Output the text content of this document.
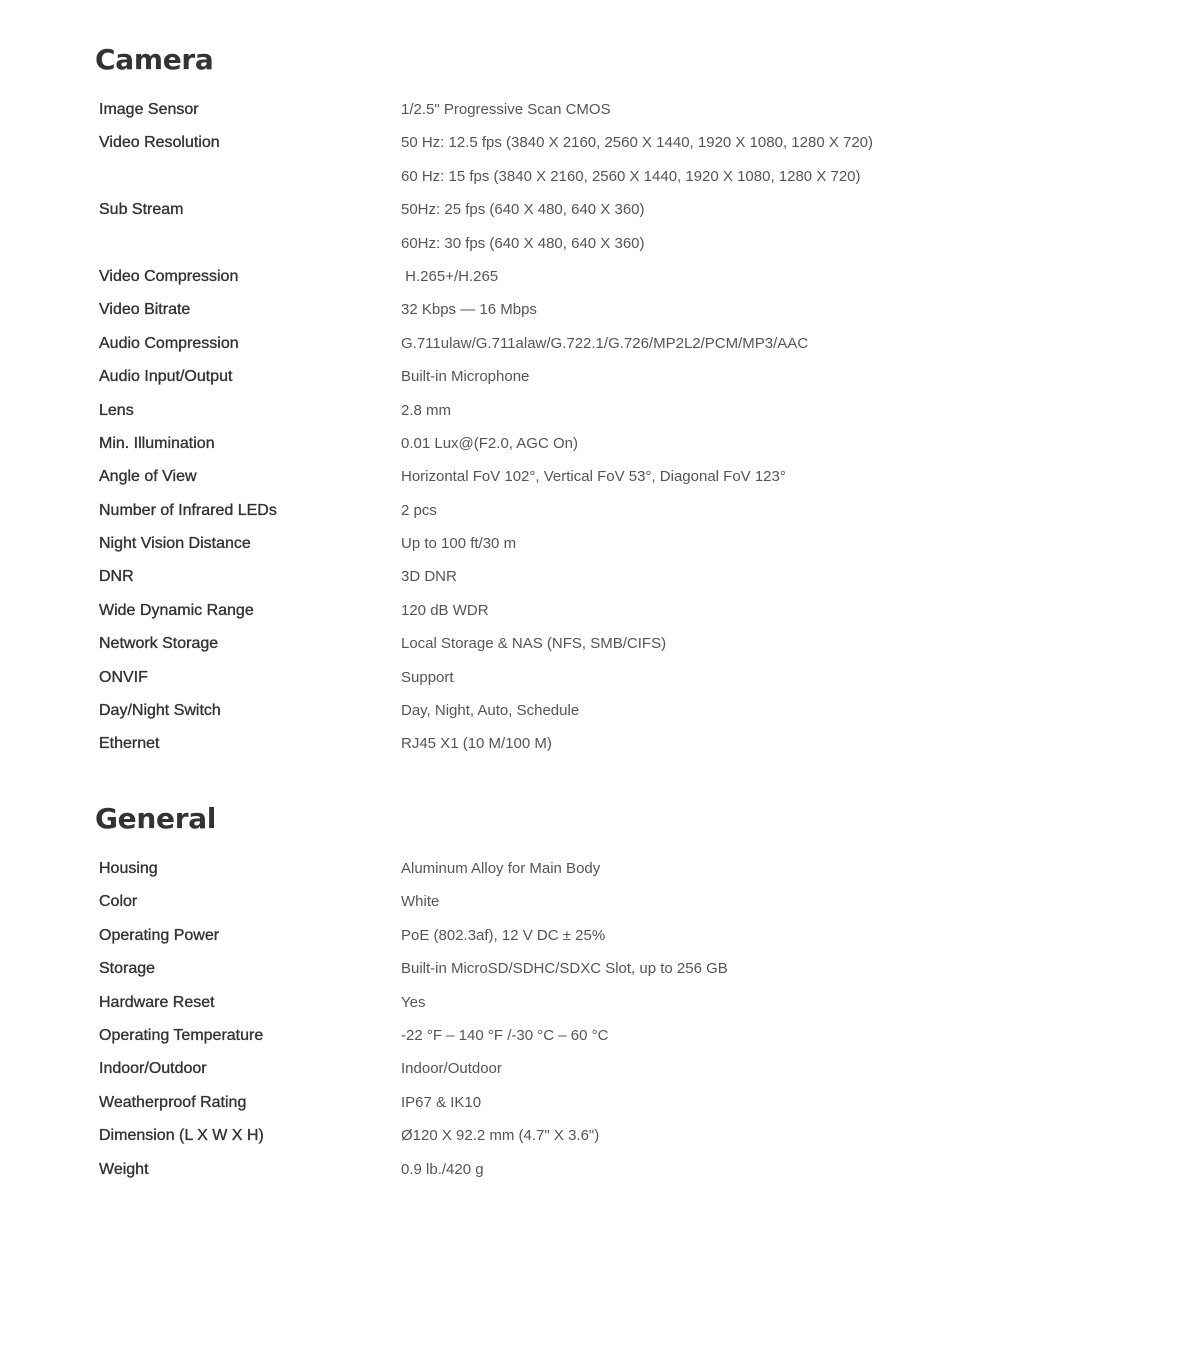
Camera
Image Sensor	1/2.5" Progressive Scan CMOS
Video Resolution	50 Hz: 12.5 fps (3840 X 2160, 2560 X 1440, 1920 X 1080, 1280 X 720)
60 Hz: 15 fps (3840 X 2160, 2560 X 1440, 1920 X 1080, 1280 X 720)
Sub Stream	50Hz: 25 fps (640 X 480, 640 X 360)
60Hz: 30 fps (640 X 480, 640 X 360)
Video Compression	H.265+/H.265
Video Bitrate	32 Kbps — 16 Mbps
Audio Compression	G.711ulaw/G.711alaw/G.722.1/G.726/MP2L2/PCM/MP3/AAC
Audio Input/Output	Built-in Microphone
Lens	2.8 mm
Min. Illumination	0.01 Lux@(F2.0, AGC On)
Angle of View	Horizontal FoV 102°, Vertical FoV 53°, Diagonal FoV 123°
Number of Infrared LEDs	2 pcs
Night Vision Distance	Up to 100 ft/30 m
DNR	3D DNR
Wide Dynamic Range	120 dB WDR
Network Storage	Local Storage & NAS (NFS, SMB/CIFS)
ONVIF	Support
Day/Night Switch	Day, Night, Auto, Schedule
Ethernet	RJ45 X1 (10 M/100 M)
General
Housing	Aluminum Alloy for Main Body
Color	White
Operating Power	PoE (802.3af), 12 V DC ± 25%
Storage	Built-in MicroSD/SDHC/SDXC Slot, up to 256 GB
Hardware Reset	Yes
Operating Temperature	-22 °F – 140 °F /-30 °C – 60 °C
Indoor/Outdoor	Indoor/Outdoor
Weatherproof Rating	IP67 & IK10
Dimension (L X W X H)	Ø120 X 92.2 mm (4.7" X 3.6")
Weight	0.9 lb./420 g
